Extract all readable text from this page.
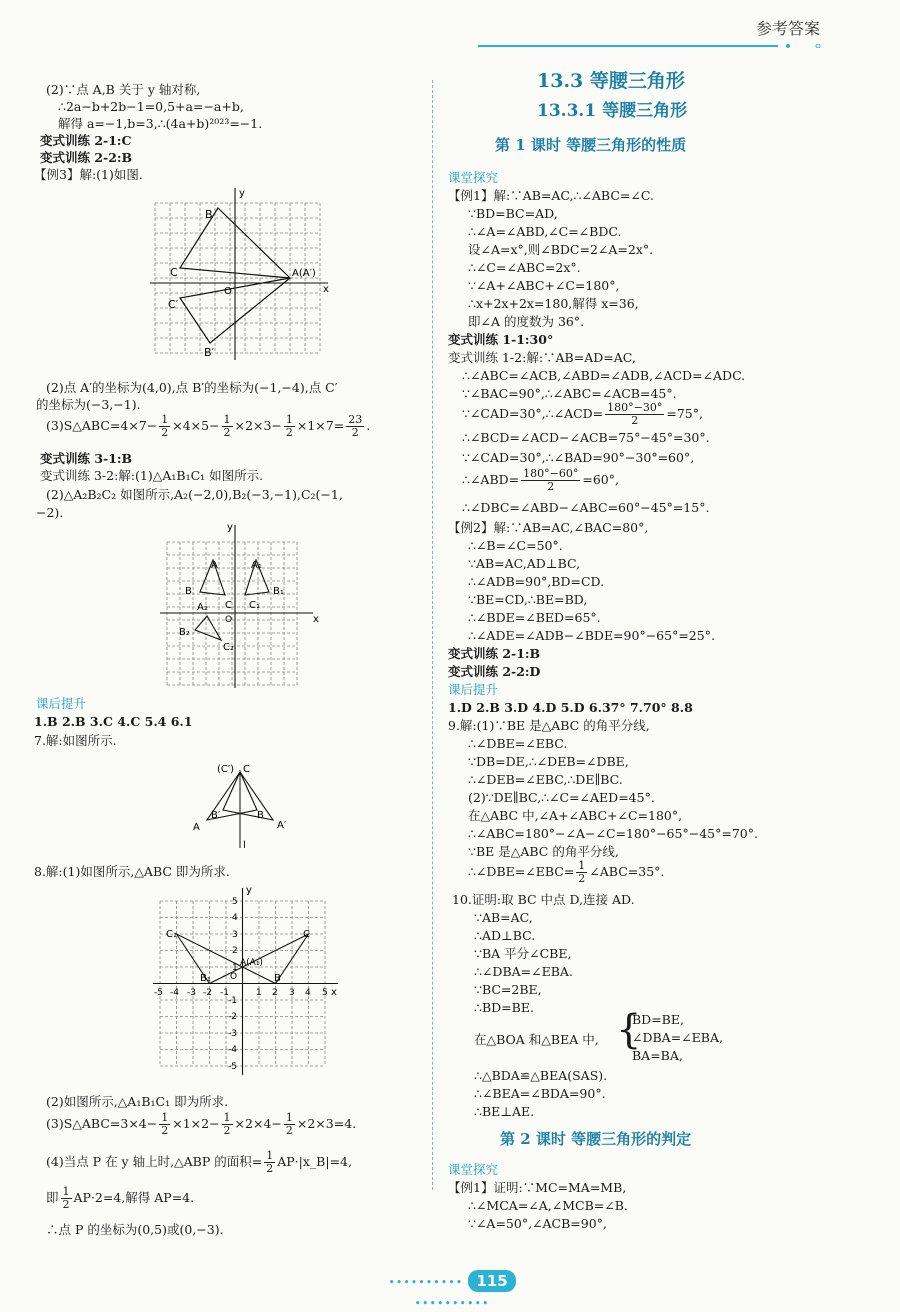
参考答案
(2)∵点 A,B 关于 y 轴对称,
∴2a−b+2b−1=0,5+a=−a+b,
解得 a=−1,b=3,∴(4a+b)²⁰²³=−1.
变式训练 2-1:C
变式训练 2-2:B
【例3】解:(1)如图.
B
A(A′)
C
C′
B′
O	x
y
(2)点 A′的坐标为(4,0),点 B′的坐标为(−1,−4),点 C′
的坐标为(−3,−1).
(3)S△ABC=4×7− $\frac{1}{2} \times 4\times 5- \frac{1}{2} \times 2\times 3- \frac{1}{2} \times 1\times 7= \frac{23}{2}$ .
变式训练 3-1:B
变式训练 3-2:解:(1)△A₁B₁C₁ 如图所示.
(2)△A₂B₂C₂ 如图所示,A₂(−2,0),B₂(−3,−1),C₂(−1,
−2).
A
B
C
A₁
B₁
C₁
A₂
B₂
C₂
O	x
y
课后提升
1.B 2.B 3.C 4.C 5.4 6.1
7.解:如图所示.
(C′) C
A
B
B′
A′
l
8.解:(1)如图所示,△ABC 即为所求.
C₁	C
A(A₁)
B₁	B
O
x
y
-5 -4 -3 -2 -1	1 2 3 4 5
5
4
3
2
1
-1
-2
-3
-4
-5
(2)如图所示,△A₁B₁C₁ 即为所求.
(3)S△ABC=3×4− $\frac{1}{2} \times 1\times 2- \frac{1}{2} \times 2\times 4- \frac{1}{2} \times 2\times 3=4$.
(4)当点 P 在 y 轴上时,△ABP 的面积= $\frac{1}{2}$ AP·|x_B|=4,
即 $\frac{1}{2} AP\cdot 2=4$,解得 AP=4.
∴点 P 的坐标为(0,5)或(0,−3).
13.3 等腰三角形
13.3.1 等腰三角形
第 1 课时 等腰三角形的性质
课堂探究
【例1】解:∵AB=AC,∴∠ABC=∠C.
∵BD=BC=AD,
∴∠A=∠ABD,∠C=∠BDC.
设∠A=x°,则∠BDC=2∠A=2x°.
∴∠C=∠ABC=2x°.
∵∠A+∠ABC+∠C=180°,
∴x+2x+2x=180,解得 x=36,
即∠A 的度数为 36°.
变式训练 1-1:30°
变式训练 1-2:解:∵AB=AD=AC,
∴∠ABC=∠ACB,∠ABD=∠ADB,∠ACD=∠ADC.
∵∠BAC=90°,∴∠ABC=∠ACB=45°.
∵∠CAD=30°,∴∠ACD= $\frac{180^\circ-30^\circ}{2} =75^\circ$,
∴∠BCD=∠ACD−∠ACB=75°−45°=30°.
∵∠CAD=30°,∴∠BAD=90°−30°=60°,
∴∠ABD= $\frac{180^\circ-60^\circ}{2} =60^\circ$,
∴∠DBC=∠ABD−∠ABC=60°−45°=15°.
【例2】解:∵AB=AC,∠BAC=80°,
∴∠B=∠C=50°.
∵AB=AC,AD⊥BC,
∴∠ADB=90°,BD=CD.
∵BE=CD,∴BE=BD,
∴∠BDE=∠BED=65°.
∴∠ADE=∠ADB−∠BDE=90°−65°=25°.
变式训练 2-1:B
变式训练 2-2:D
课后提升
1.D 2.B 3.D 4.D 5.D 6.37° 7.70° 8.8
9.解:(1)∵BE 是△ABC 的角平分线,
∴∠DBE=∠EBC.
∵DB=DE,∴∠DEB=∠DBE,
∴∠DEB=∠EBC,∴DE∥BC.
(2)∵DE∥BC,∴∠C=∠AED=45°.
在△ABC 中,∠A+∠ABC+∠C=180°,
∴∠ABC=180°−∠A−∠C=180°−65°−45°=70°.
∵BE 是△ABC 的角平分线,
∴∠DBE=∠EBC= $\frac{1}{2}$ ∠ABC=35°.
10.证明:取 BC 中点 D,连接 AD.
∵AB=AC,
∴AD⊥BC.
∵BA 平分∠CBE,
∴∠DBA=∠EBA.
∵BC=2BE,
∴BD=BE.
在△BOA 和△BEA 中, {
BD=BE,
∠DBA=∠EBA,
BA=BA,
∴△BDA≌△BEA(SAS).
∴∠BEA=∠BDA=90°.
∴BE⊥AE.
第 2 课时 等腰三角形的判定
课堂探究
【例1】证明:∵MC=MA=MB,
∴∠MCA=∠A,∠MCB=∠B.
∵∠A=50°,∠ACB=90°,
•••••••••• 115 ••••••••••
